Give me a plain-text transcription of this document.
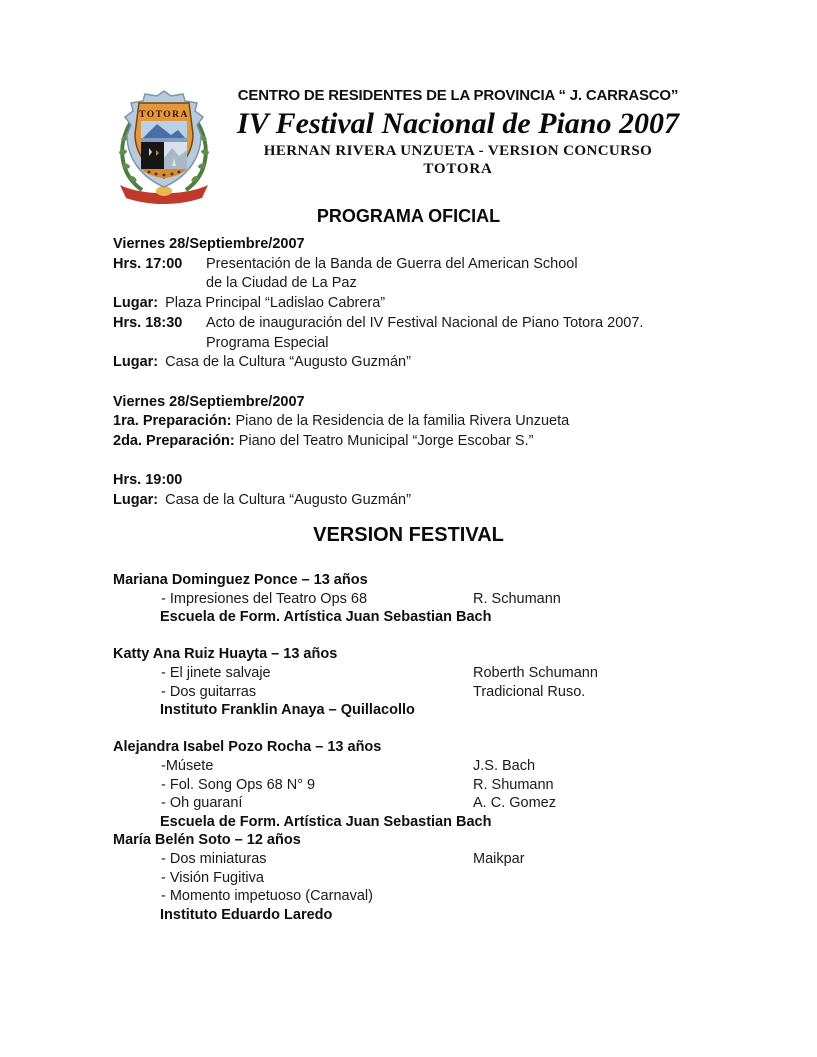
TOTORA
CENTRO DE RESIDENTES DE LA PROVINCIA “ J. CARRASCO”
IV Festival Nacional de Piano 2007
HERNAN RIVERA UNZUETA - VERSION CONCURSO
TOTORA
PROGRAMA OFICIAL
Viernes 28/Septiembre/2007
Hrs. 17:00	Presentación de la Banda de Guerra del American School
de la Ciudad de La Paz
Lugar: Plaza Principal “Ladislao Cabrera”
Hrs. 18:30	Acto de inauguración del IV Festival Nacional de Piano Totora 2007.
Programa Especial
Lugar: Casa de la Cultura “Augusto Guzmán”
Viernes 28/Septiembre/2007
1ra. Preparación: Piano de la Residencia de la familia Rivera Unzueta
2da. Preparación: Piano del Teatro Municipal “Jorge Escobar S.”
Hrs. 19:00
Lugar: Casa de la Cultura “Augusto Guzmán”
VERSION FESTIVAL
Mariana Dominguez Ponce – 13 años
- Impresiones del Teatro Ops 68	R. Schumann
Escuela de Form. Artística Juan Sebastian Bach
Katty Ana Ruiz Huayta – 13 años
- El jinete salvaje	Roberth Schumann
- Dos guitarras	Tradicional Ruso.
Instituto Franklin Anaya – Quillacollo
Alejandra Isabel Pozo Rocha – 13 años
-Músete	J.S. Bach
- Fol. Song Ops 68 N° 9	R. Shumann
- Oh guaraní	A. C. Gomez
Escuela de Form. Artística Juan Sebastian Bach
María Belén Soto – 12 años
- Dos miniaturas	Maikpar
- Visión Fugitiva
- Momento impetuoso (Carnaval)
Instituto Eduardo Laredo
